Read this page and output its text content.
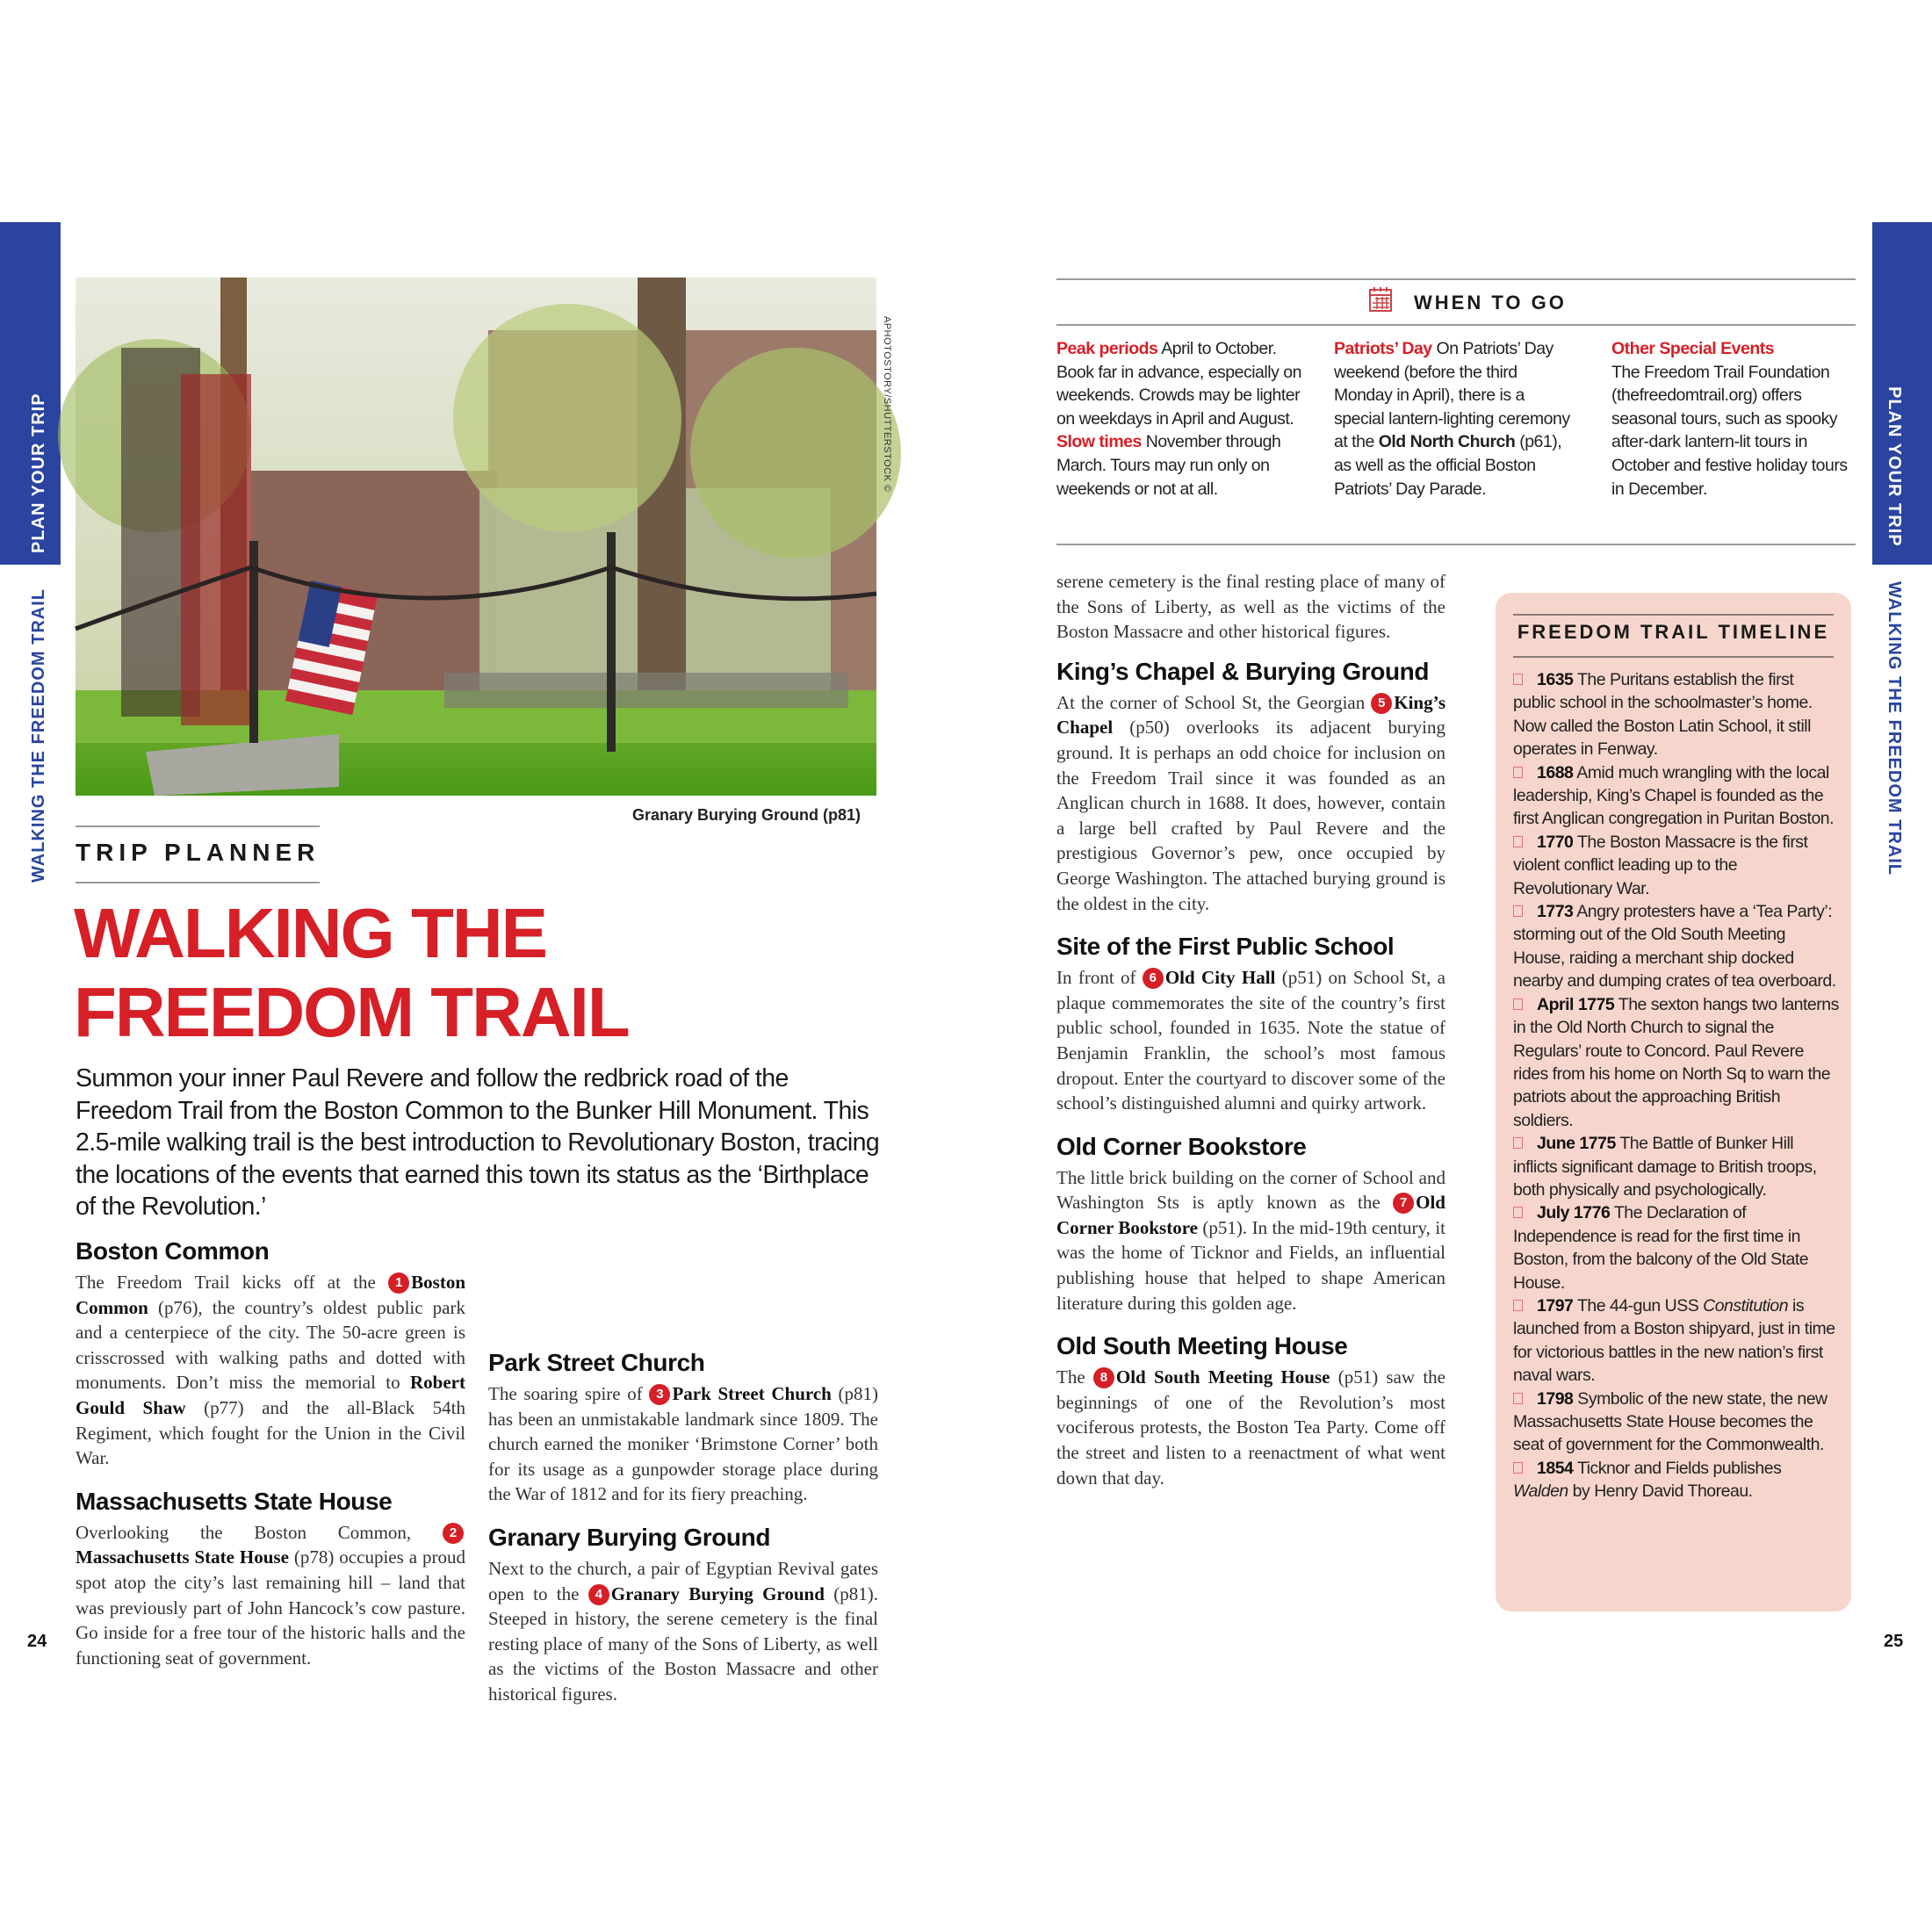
PLAN YOUR TRIP
WALKING THE FREEDOM TRAIL
PLAN YOUR TRIP
WALKING THE FREEDOM TRAIL
APHOTOSTORY/SHUTTERSTOCK ©
Granary Burying Ground (p81)
TRIP PLANNER
WALKING THE
FREEDOM TRAIL
Summon your inner Paul Revere and follow the redbrick road of the Freedom Trail from the Boston Common to the Bunker Hill Monument. This 2.5-mile walking trail is the best introduction to Revolutionary Boston, tracing the locations of the events that earned this town its status as the ‘Birthplace of the Revolution.’
Boston Common

The Freedom Trail kicks off at the 1 Boston Common (p76), the country’s oldest public park and a centerpiece of the city. The 50-acre green is crisscrossed with walking paths and dotted with monuments. Don’t miss the memorial to Robert Gould Shaw (p77) and the all-Black 54th Regiment, which fought for the Union in the Civil War.

Massachusetts State House

Overlooking the Boston Common, 2Massachusetts State House (p78) occupies a proud spot atop the city’s last remaining hill – land that was previously part of John Hancock’s cow pasture. Go inside for a free tour of the historic halls and the functioning seat of government.

Park Street Church

The soaring spire of 3 Park Street Church (p81) has been an unmistakable landmark since 1809. The church earned the moniker ‘Brimstone Corner’ both for its usage as a gunpowder storage place during the War of 1812 and for its fiery preaching.

Granary Burying Ground

Next to the church, a pair of Egyptian Revival gates open to the 4 Granary Burying Ground (p81). Steeped in history, the serene cemetery is the final resting place of many of the Sons of Liberty, as well as the victims of the Boston Massacre and other historical figures.

WHEN TO GO
Peak periods April to October. Book far in advance, especially on weekends. Crowds may be lighter on weekdays in April and August.
Slow times November through March. Tours may run only on weekends or not at all.
Patriots’ Day On Patriots’ Day weekend (before the third Monday in April), there is a special lantern-lighting ceremony at the Old North Church (p61), as well as the official Boston Patriots’ Day Parade.
Other Special Events
The Freedom Trail Foundation (thefreedomtrail.org) offers seasonal tours, such as spooky after-dark lantern-lit tours in October and festive holiday tours in December.

serene cemetery is the final resting place of many of the Sons of Liberty, as well as the victims of the Boston Massacre and other historical figures.

King’s Chapel & Burying Ground

At the corner of School St, the Georgian 5 King’s Chapel (p50) overlooks its adjacent burying ground. It is perhaps an odd choice for inclusion on the Freedom Trail since it was founded as an Anglican church in 1688. It does, however, contain a large bell crafted by Paul Revere and the prestigious Governor’s pew, once occupied by George Washington. The attached burying ground is the oldest in the city.

Site of the First Public School

In front of 6 Old City Hall (p51) on School St, a plaque commemorates the site of the country’s first public school, founded in 1635. Note the statue of Benjamin Franklin, the school’s most famous dropout. Enter the courtyard to discover some of the school’s distinguished alumni and quirky artwork.

Old Corner Bookstore

The little brick building on the corner of School and Washington Sts is aptly known as the 7 Old Corner Bookstore (p51). In the mid-19th century, it was the home of Ticknor and Fields, an influential publishing house that helped to shape American literature during this golden age.

Old South Meeting House

The 8 Old South Meeting House (p51) saw the beginnings of one of the Revolution’s most vociferous protests, the Boston Tea Party. Come off the street and listen to a reenactment of what went down that day.

FREEDOM TRAIL TIMELINE

1635 The Puritans establish the first public school in the schoolmaster’s home. Now called the Boston Latin School, it still operates in Fenway.

1688 Amid much wrangling with the local leadership, King’s Chapel is founded as the first Anglican congregation in Puritan Boston.

1770 The Boston Massacre is the first violent conflict leading up to the Revolutionary War.

1773 Angry protesters have a ‘Tea Party’: storming out of the Old South Meeting House, raiding a merchant ship docked nearby and dumping crates of tea overboard.

April 1775 The sexton hangs two lanterns in the Old North Church to signal the Regulars’ route to Concord. Paul Revere rides from his home on North Sq to warn the patriots about the approaching British soldiers.

June 1775 The Battle of Bunker Hill inflicts significant damage to British troops, both physically and psychologically.

July 1776 The Declaration of Independence is read for the first time in Boston, from the balcony of the Old State House.

1797 The 44-gun USS Constitution is launched from a Boston shipyard, just in time for victorious battles in the new nation’s first naval wars.

1798 Symbolic of the new state, the new Massachusetts State House becomes the seat of government for the Commonwealth.

1854 Ticknor and Fields publishes Walden by Henry David Thoreau.

24	25
